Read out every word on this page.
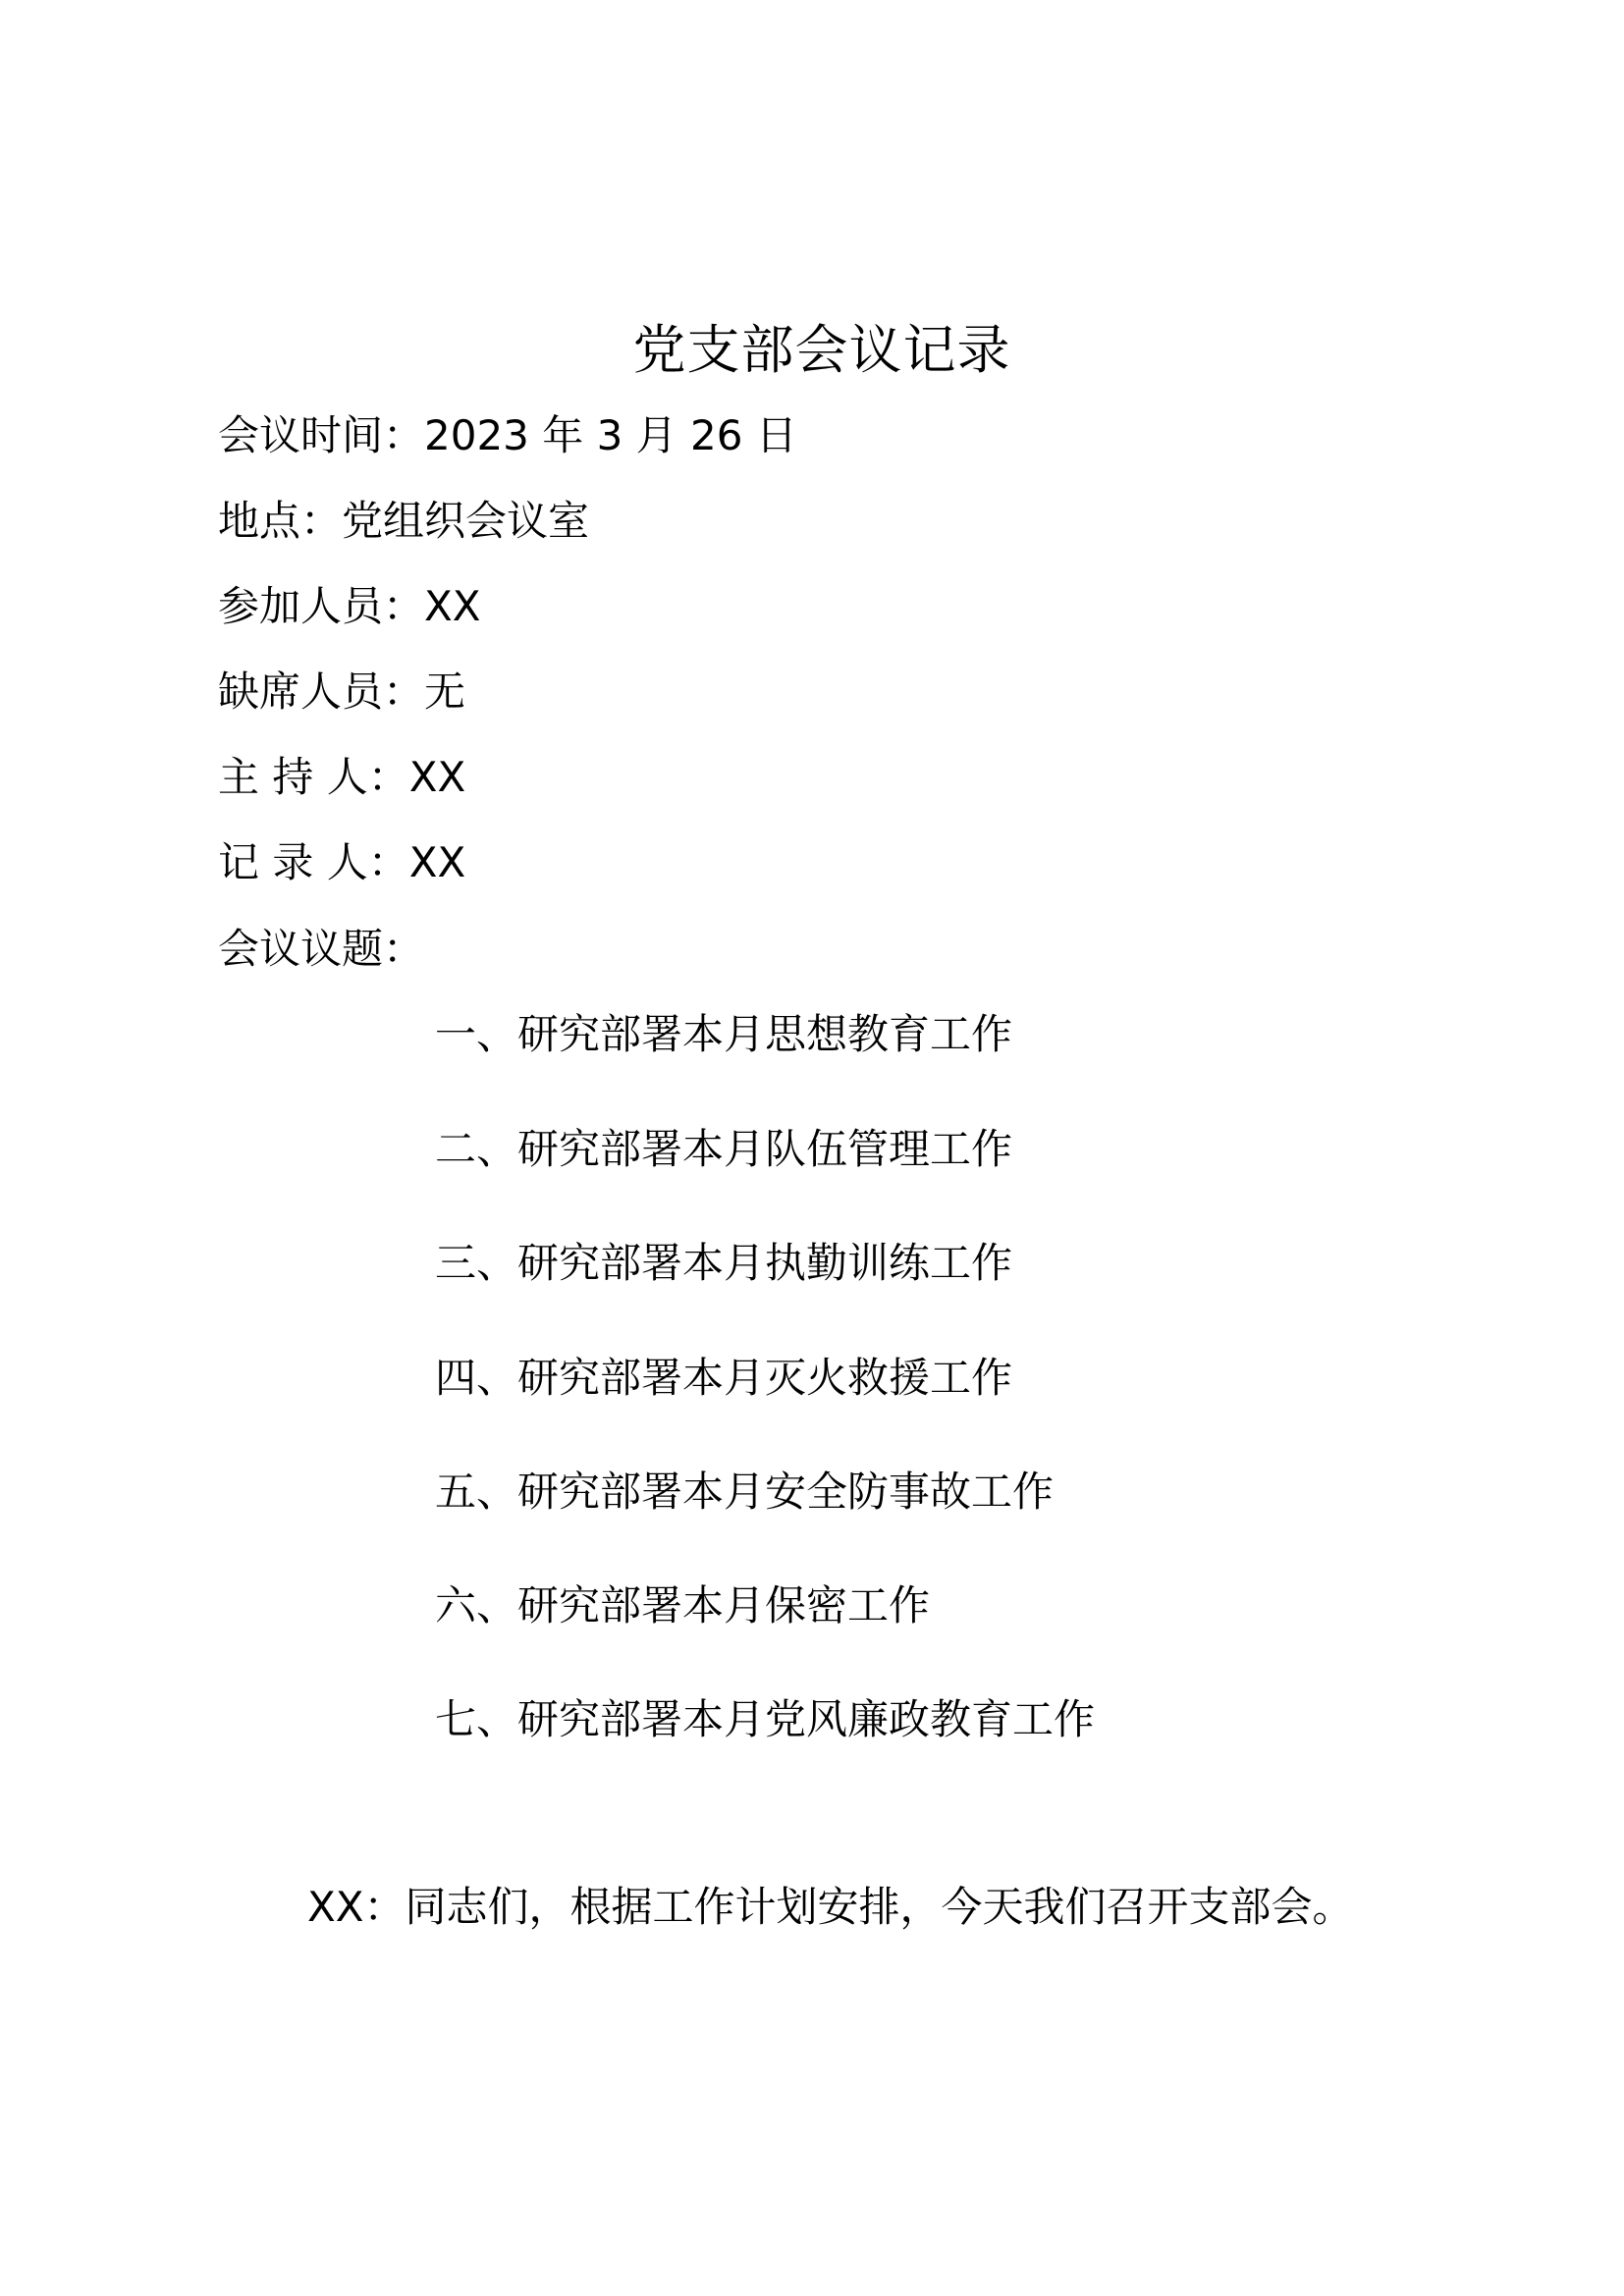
党支部会议记录
会议时间：2023 年 3 月 26 日
地点：党组织会议室
参加人员：XX
缺席人员：无
主 持 人：XX
记 录 人：XX
会议议题：
一、研究部署本月思想教育工作
二、研究部署本月队伍管理工作
三、研究部署本月执勤训练工作
四、研究部署本月灭火救援工作
五、研究部署本月安全防事故工作
六、研究部署本月保密工作
七、研究部署本月党风廉政教育工作
XX：同志们，根据工作计划安排，今天我们召开支部会。
